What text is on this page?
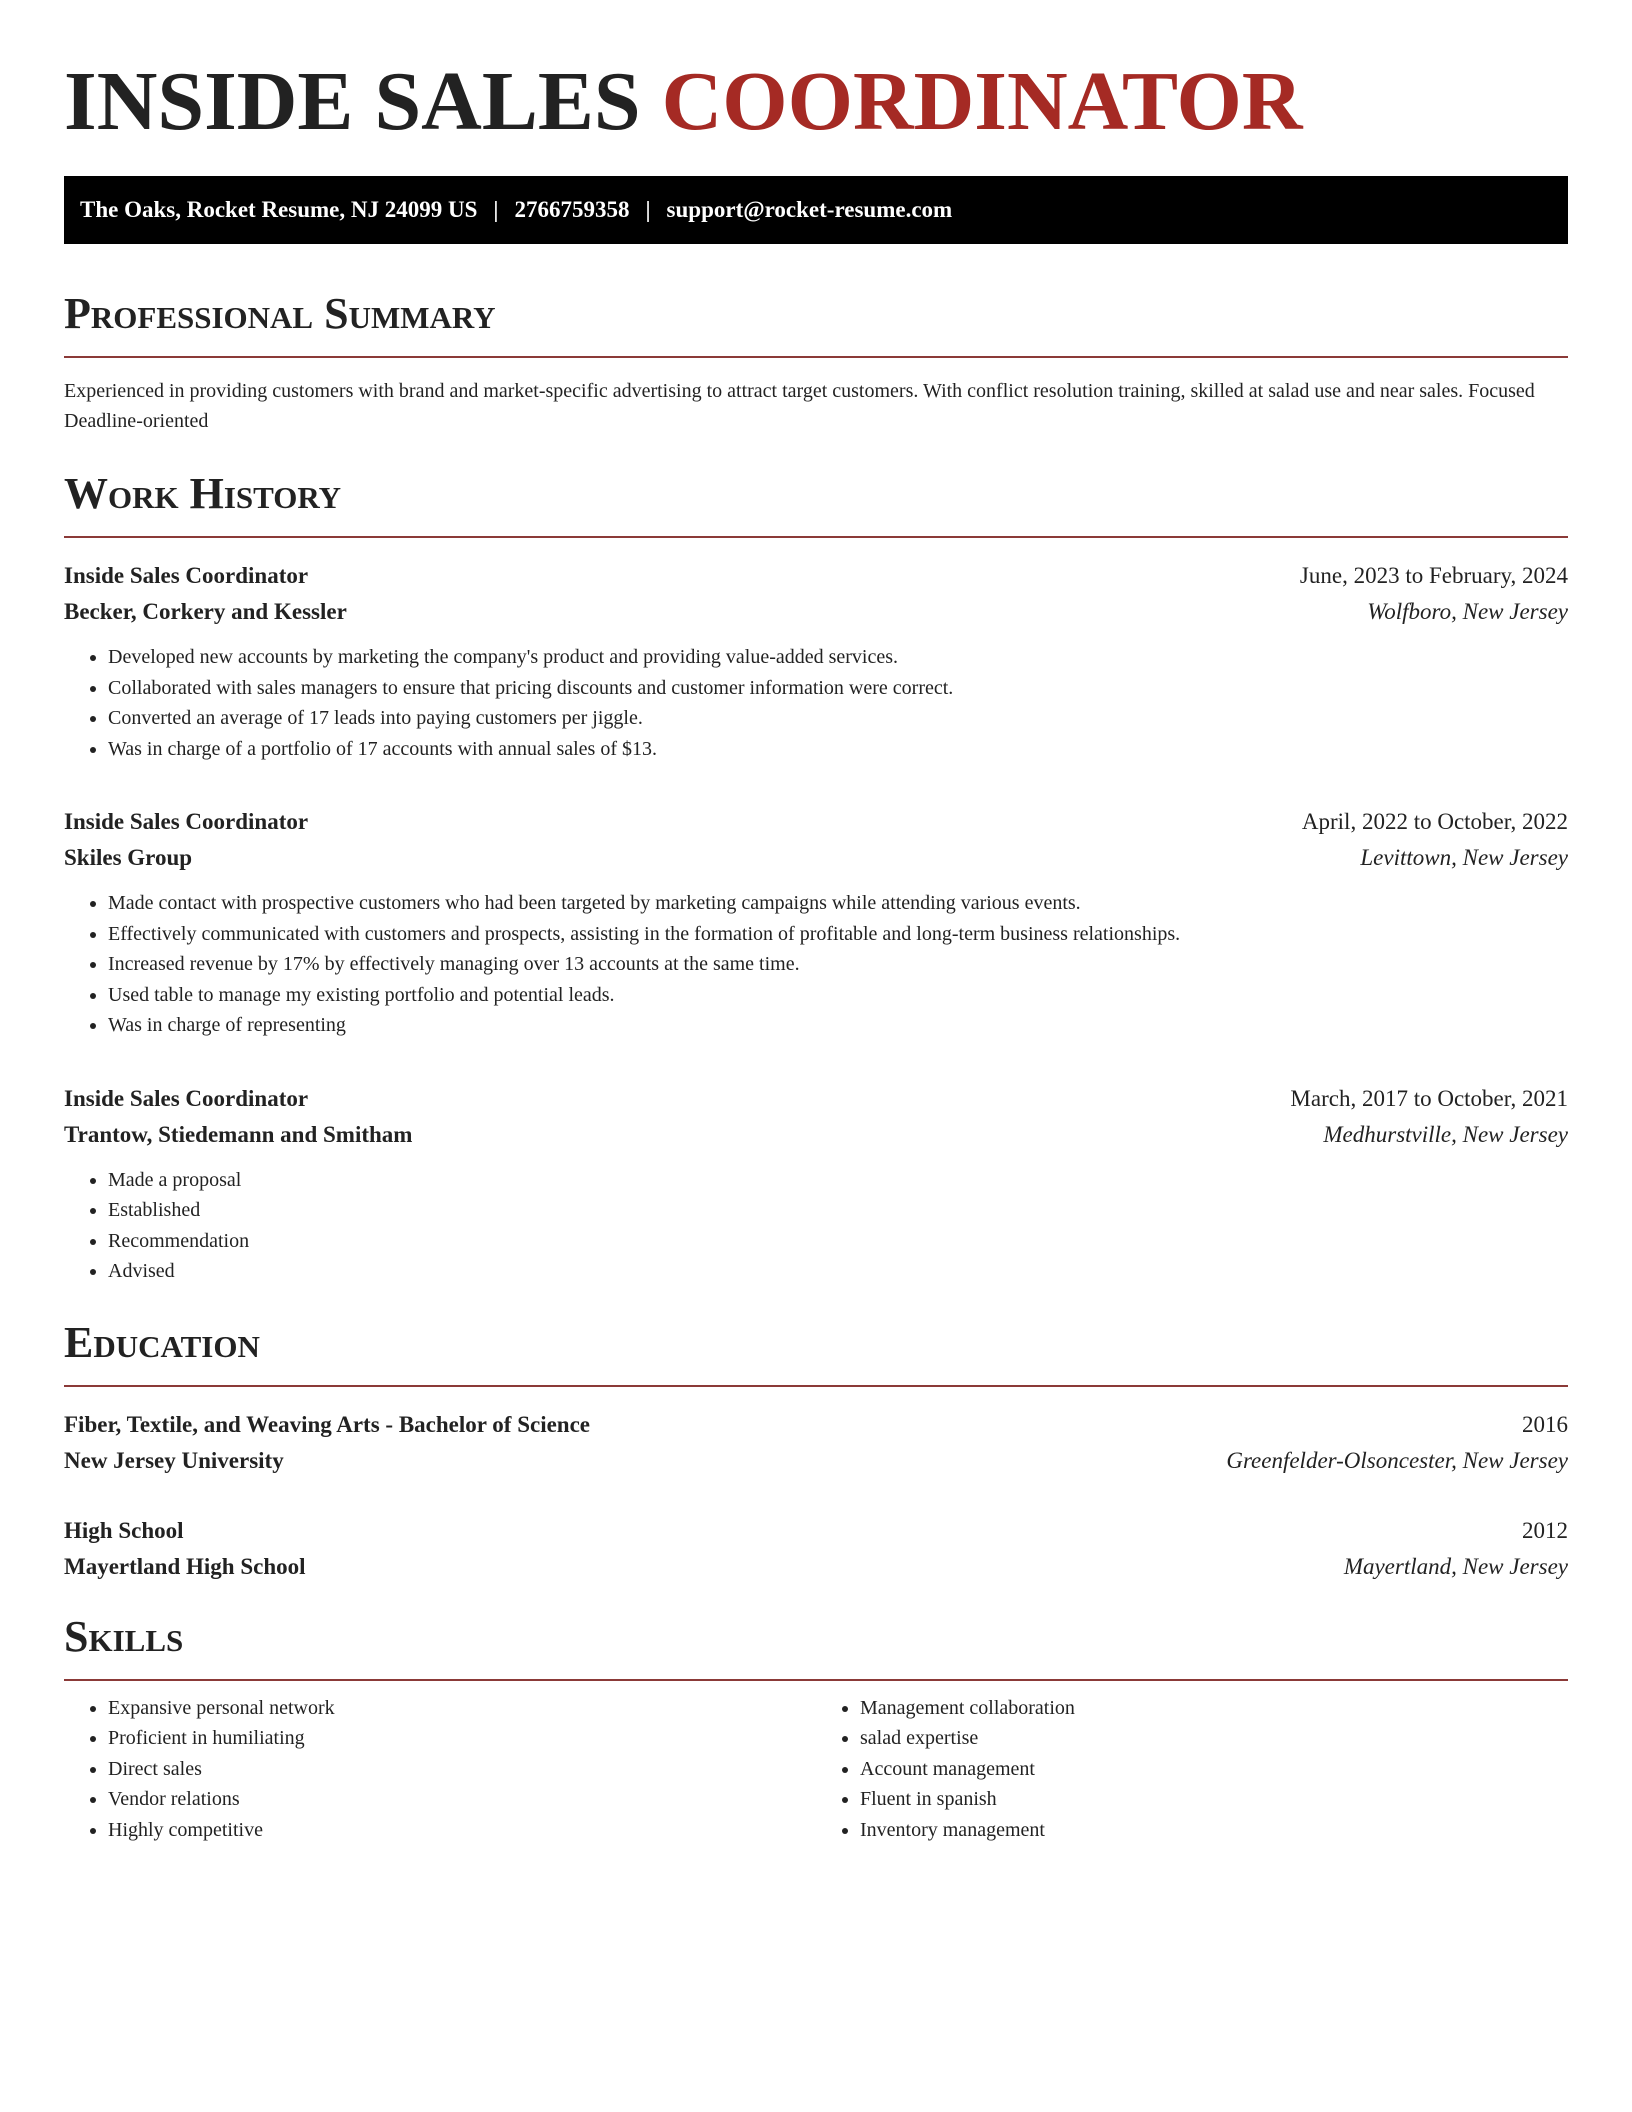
INSIDE SALES COORDINATOR
The Oaks, Rocket Resume, NJ 24099 US | 2766759358 | support@rocket-resume.com
Professional Summary
Experienced in providing customers with brand and market-specific advertising to attract target customers. With conflict resolution training, skilled at salad use and near sales. Focused Deadline-oriented
Work History
Inside Sales Coordinator	June, 2023 to February, 2024
Becker, Corkery and Kessler	Wolfboro, New Jersey
• Developed new accounts by marketing the company's product and providing value-added services.
• Collaborated with sales managers to ensure that pricing discounts and customer information were correct.
• Converted an average of 17 leads into paying customers per jiggle.
• Was in charge of a portfolio of 17 accounts with annual sales of $13.
Inside Sales Coordinator	April, 2022 to October, 2022
Skiles Group	Levittown, New Jersey
• Made contact with prospective customers who had been targeted by marketing campaigns while attending various events.
• Effectively communicated with customers and prospects, assisting in the formation of profitable and long-term business relationships.
• Increased revenue by 17% by effectively managing over 13 accounts at the same time.
• Used table to manage my existing portfolio and potential leads.
• Was in charge of representing
Inside Sales Coordinator	March, 2017 to October, 2021
Trantow, Stiedemann and Smitham	Medhurstville, New Jersey
• Made a proposal
• Established
• Recommendation
• Advised
Education
Fiber, Textile, and Weaving Arts - Bachelor of Science	2016
New Jersey University	Greenfelder-Olsoncester, New Jersey
High School	2012
Mayertland High School	Mayertland, New Jersey
Skills
• Expansive personal network
• Proficient in humiliating
• Direct sales
• Vendor relations
• Highly competitive
• Management collaboration
• salad expertise
• Account management
• Fluent in spanish
• Inventory management
